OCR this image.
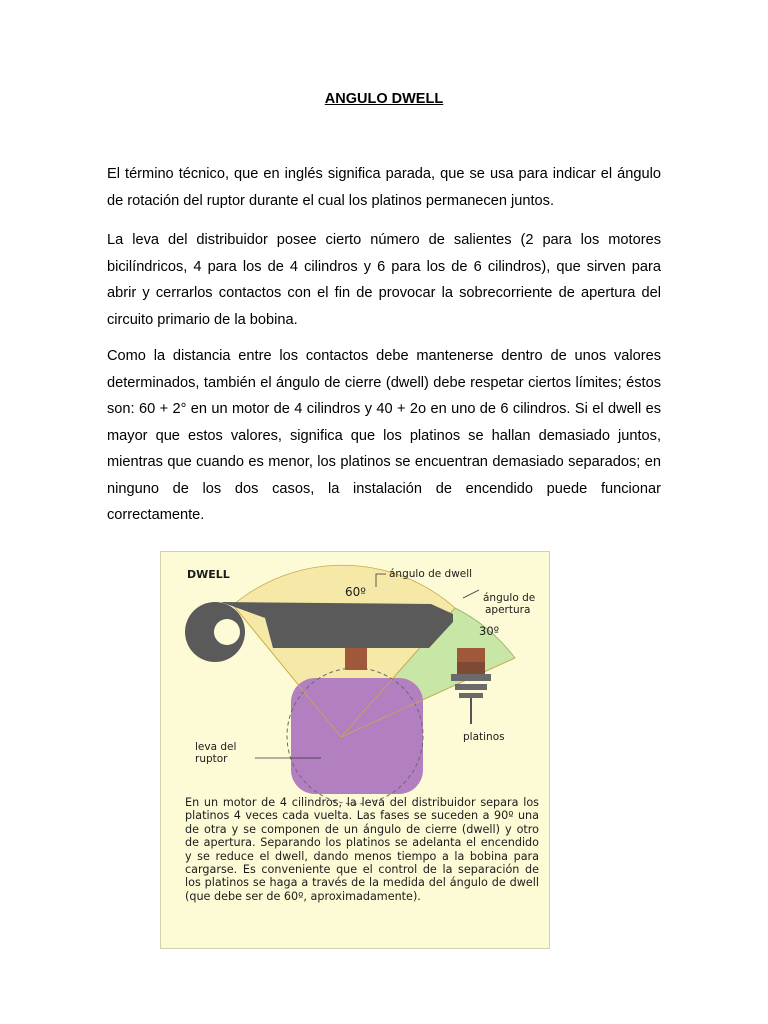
ANGULO DWELL

El término técnico, que en inglés significa parada, que se usa para indicar el ángulo de rotación del ruptor durante el cual los platinos permanecen juntos.

La leva del distribuidor posee cierto número de salientes (2 para los motores bicilíndricos, 4 para los de 4 cilindros y 6 para los de 6 cilindros), que sirven para abrir y cerrarlos contactos con el fin de provocar la sobrecorriente de apertura del circuito primario de la bobina.

Como la distancia entre los contactos debe mantenerse dentro de unos valores determinados, también el ángulo de cierre (dwell) debe respetar ciertos límites; éstos son: 60 + 2° en un motor de 4 cilindros y 40 + 2o en uno de 6 cilindros. Si el dwell es mayor que estos valores, significa que los platinos se hallan demasiado juntos, mientras que cuando es menor, los platinos se encuentran demasiado separados; en ninguno de los dos casos, la instalación de encendido puede funcionar correctamente.

DWELL	ángulo de dwell
60º	ángulo de
apertura
30º
platinos
leva del
ruptor

En un motor de 4 cilindros, la leva del distribuidor separa los platinos 4 veces cada vuelta. Las fases se suceden a 90º una de otra y se componen de un ángulo de cierre (dwell) y otro de apertura. Separando los platinos se adelanta el encendido y se reduce el dwell, dando menos tiempo a la bobina para cargarse. Es conveniente que el control de la separación de los platinos se haga a través de la medida del ángulo de dwell (que debe ser de 60º, aproximadamente).
